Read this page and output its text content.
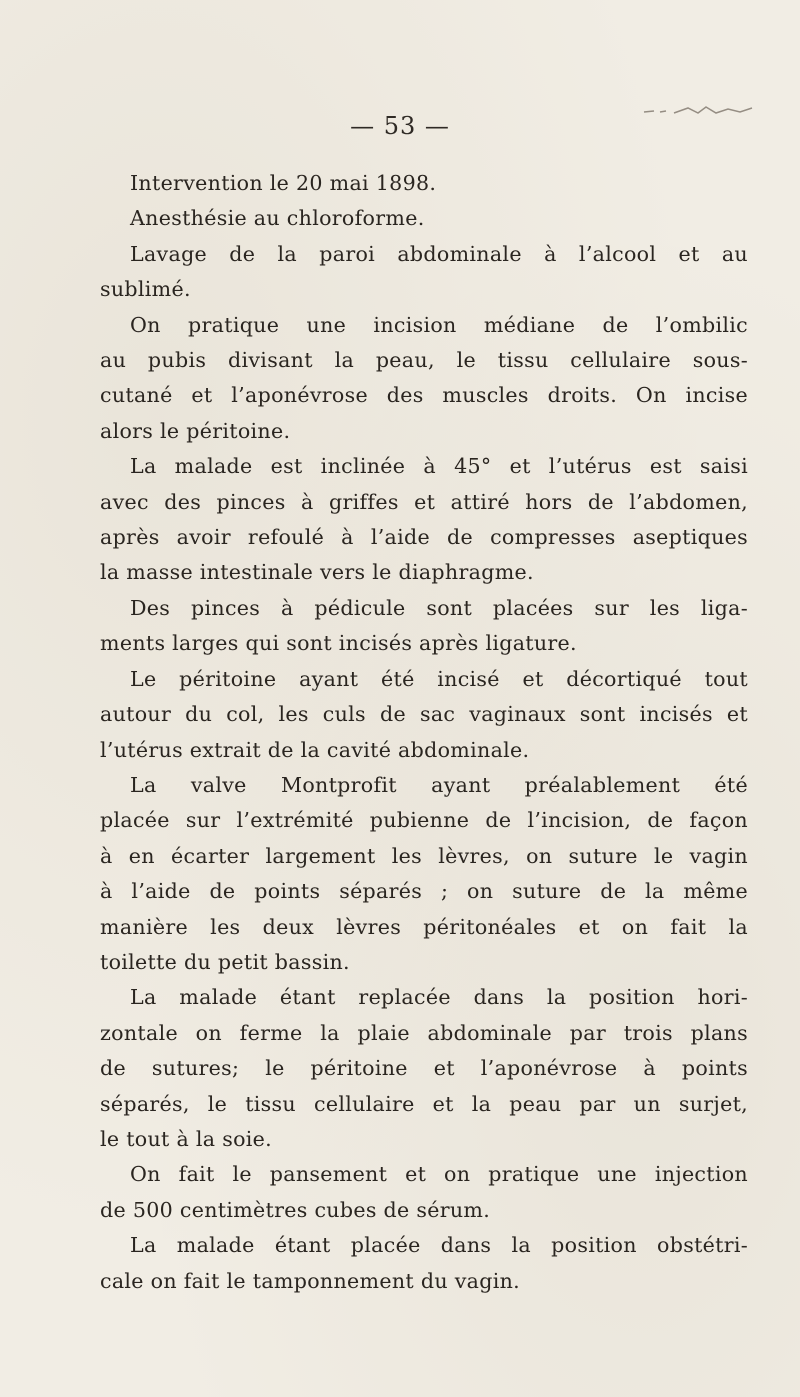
— 53 —

Intervention le 20 mai 1898.

Anesthésie au chloroforme.

Lavage de la paroi abdominale à l’alcool et au
sublimé.

On pratique une incision médiane de l’ombilic
au pubis divisant la peau, le tissu cellulaire sous-
cutané et l’aponévrose des muscles droits. On incise
alors le péritoine.

La malade est inclinée à 45° et l’utérus est saisi
avec des pinces à griffes et attiré hors de l’abdomen,
après avoir refoulé à l’aide de compresses aseptiques
la masse intestinale vers le diaphragme.

Des pinces à pédicule sont placées sur les liga-
ments larges qui sont incisés après ligature.

Le péritoine ayant été incisé et décortiqué tout
autour du col, les culs de sac vaginaux sont incisés et
l’utérus extrait de la cavité abdominale.

La valve Montprofit ayant préalablement été
placée sur l’extrémité pubienne de l’incision, de façon
à en écarter largement les lèvres, on suture le vagin
à l’aide de points séparés ; on suture de la même
manière les deux lèvres péritonéales et on fait la
toilette du petit bassin.

La malade étant replacée dans la position hori-
zontale on ferme la plaie abdominale par trois plans
de sutures; le péritoine et l’aponévrose à points
séparés, le tissu cellulaire et la peau par un surjet,
le tout à la soie.

On fait le pansement et on pratique une injection
de 500 centimètres cubes de sérum.

La malade étant placée dans la position obstétri-
cale on fait le tamponnement du vagin.
